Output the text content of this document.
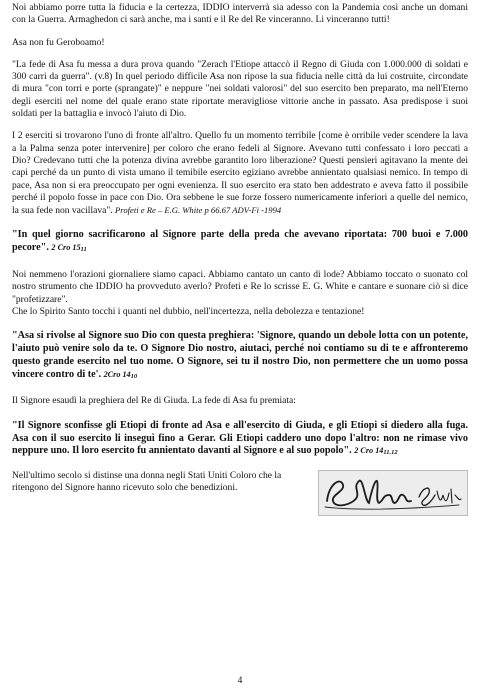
Noi abbiamo porre tutta la fiducia e la certezza, IDDIO interverrà sia adesso con la Pandemia così anche un domani con la Guerra. Armaghedon ci sarà anche, ma i santi e il Re del Re vinceranno. Li vinceranno tutti!

Asa non fu Geroboamo!

"La fede di Asa fu messa a dura prova quando "Zerach l'Etiope attaccò il Regno di Giuda con 1.000.000 di soldati e 300 carri da guerra". (v.8) In quel periodo difficile Asa non ripose la sua fiducia nelle città da lui costruite, circondate di mura "con torri e porte (sprangate)" e neppure "nei soldati valorosi" del suo esercito ben preparato, ma nell'Eterno degli eserciti nel nome del quale erano state riportate meravigliose vittorie anche in passato. Asa predispose i suoi soldati per la battaglia e invocò l'aiuto di Dio.

I 2 eserciti si trovarono l'uno di fronte all'altro. Quello fu un momento terribile [come è orribile veder scendere la lava a la Palma senza poter intervenire] per coloro che erano fedeli al Signore. Avevano tutti confessato i loro peccati a Dio? Credevano tutti che la potenza divina avrebbe garantito loro liberazione? Questi pensieri agitavano la mente dei capi perché da un punto di vista umano il temibile esercito egiziano avrebbe annientato qualsiasi nemico. In tempo di pace, Asa non si era preoccupato per ogni evenienza. Il suo esercito era stato ben addestrato e aveva fatto il possibile perché il popolo fosse in pace con Dio. Ora sebbene le sue forze fossero numericamente inferiori a quelle del nemico, la sua fede non vacillava". Profeti e Re – E.G. White p 66.67 ADV-Fi -1994

"In quel giorno sacrificarono al Signore parte della preda che avevano riportata: 700 buoi e 7.000 pecore". 2 Cro 1511

Noi nemmeno l'orazioni giornaliere siamo capaci. Abbiamo cantato un canto di lode? Abbiamo toccato o suonato col nostro strumento che IDDIO ha provveduto averlo? Profeti e Re lo scrisse E. G. White e cantare e suonare ciò si dice "profetizzare".

Che lo Spirito Santo tocchi i quanti nel dubbio, nell'incertezza, nella debolezza e tentazione!

"Asa si rivolse al Signore suo Dio con questa preghiera: 'Signore, quando un debole lotta con un potente, l'aiuto può venire solo da te. O Signore Dio nostro, aiutaci, perché noi contiamo su di te e affronteremo questo grande esercito nel tuo nome. O Signore, sei tu il nostro Dio, non permettere che un uomo possa vincere contro di te'. 2Cro 1410

Il Signore esaudì la preghiera del Re di Giuda. La fede di Asa fu premiata:

"Il Signore sconfisse gli Etiopi di fronte ad Asa e all'esercito di Giuda, e gli Etiopi si diedero alla fuga. Asa con il suo esercito li inseguì fino a Gerar. Gli Etiopi caddero uno dopo l'altro: non ne rimase vivo neppure uno. Il loro esercito fu annientato davanti al Signore e al suo popolo". 2 Cro 1411.12

Nell'ultimo secolo si distinse una donna negli Stati Uniti Coloro che la ritengono del Signore hanno ricevuto solo che benedizioni.

4
